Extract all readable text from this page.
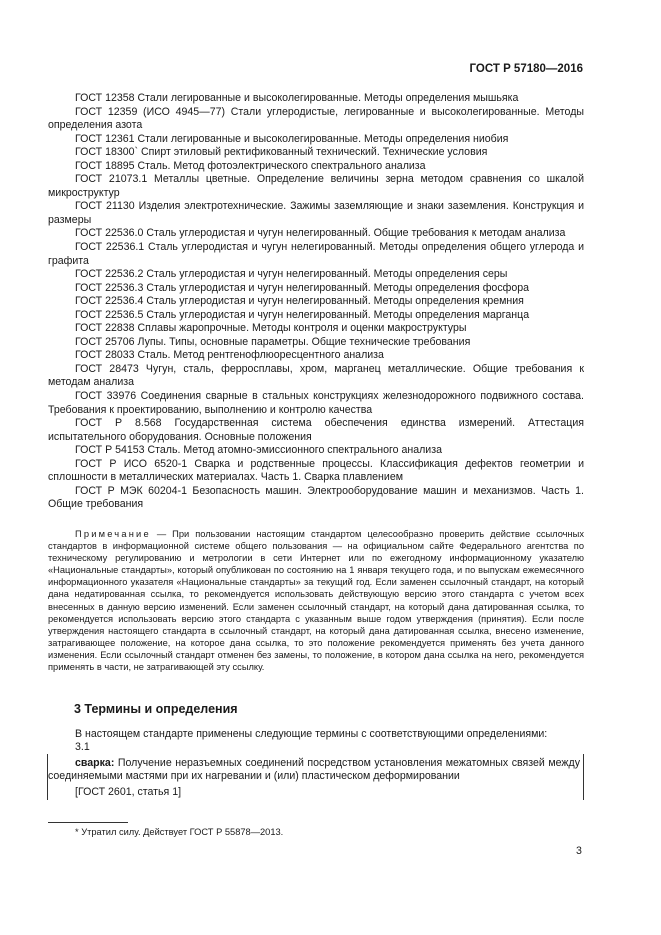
ГОСТ Р 57180—2016

ГОСТ 12358 Стали легированные и высоколегированные. Методы определения мышьяка

ГОСТ 12359 (ИСО 4945—77) Стали углеродистые, легированные и высоколегированные. Методы определения азота

ГОСТ 12361 Стали легированные и высоколегированные. Методы определения ниобия

ГОСТ 18300` Спирт этиловый ректификованный технический. Технические условия

ГОСТ 18895 Сталь. Метод фотоэлектрического спектрального анализа

ГОСТ 21073.1 Металлы цветные. Определение величины зерна методом сравнения со шкалой микроструктур

ГОСТ 21130 Изделия электротехнические. Зажимы заземляющие и знаки заземления. Конструкция и размеры

ГОСТ 22536.0 Сталь углеродистая и чугун нелегированный. Общие требования к методам анализа

ГОСТ 22536.1 Сталь углеродистая и чугун нелегированный. Методы определения общего углерода и графита

ГОСТ 22536.2 Сталь углеродистая и чугун нелегированный. Методы определения серы

ГОСТ 22536.3 Сталь углеродистая и чугун нелегированный. Методы определения фосфора

ГОСТ 22536.4 Сталь углеродистая и чугун нелегированный. Методы определения кремния

ГОСТ 22536.5 Сталь углеродистая и чугун нелегированный. Методы определения марганца

ГОСТ 22838 Сплавы жаропрочные. Методы контроля и оценки макроструктуры

ГОСТ 25706 Лупы. Типы, основные параметры. Общие технические требования

ГОСТ 28033 Сталь. Метод рентгенофлюоресцентного анализа

ГОСТ 28473 Чугун, сталь, ферросплавы, хром, марганец металлические. Общие требования к методам анализа

ГОСТ 33976 Соединения сварные в стальных конструкциях железнодорожного подвижного состава. Требования к проектированию, выполнению и контролю качества

ГОСТ Р 8.568 Государственная система обеспечения единства измерений. Аттестация испытательного оборудования. Основные положения

ГОСТ Р 54153 Сталь. Метод атомно-эмиссионного спектрального анализа

ГОСТ Р ИСО 6520-1 Сварка и родственные процессы. Классификация дефектов геометрии и сплошности в металлических материалах. Часть 1. Сварка плавлением

ГОСТ Р МЭК 60204-1 Безопасность машин. Электрооборудование машин и механизмов. Часть 1. Общие требования

Примечание — При пользовании настоящим стандартом целесообразно проверить действие ссылочных стандартов в информационной системе общего пользования — на официальном сайте Федерального агентства по техническому регулированию и метрологии в сети Интернет или по ежегодному информационному указателю «Национальные стандарты», который опубликован по состоянию на 1 января текущего года, и по выпускам ежемесячного информационного указателя «Национальные стандарты» за текущий год. Если заменен ссылочный стандарт, на который дана недатированная ссылка, то рекомендуется использовать действующую версию этого стандарта с учетом всех внесенных в данную версию изменений. Если заменен ссылочный стандарт, на который дана датированная ссылка, то рекомендуется использовать версию этого стандарта с указанным выше годом утверждения (принятия). Если после утверждения настоящего стандарта в ссылочный стандарт, на который дана датированная ссылка, внесено изменение, затрагивающее положение, на которое дана ссылка, то это положение рекомендуется применять без учета данного изменения. Если ссылочный стандарт отменен без замены, то положение, в котором дана ссылка на него, рекомендуется применять в части, не затрагивающей эту ссылку.

3 Термины и определения

В настоящем стандарте применены следующие термины с соответствующими определениями:

3.1

сварка: Получение неразъемных соединений посредством установления межатомных связей между соединяемыми мастями при их нагревании и (или) пластическом деформировании

[ГОСТ 2601, статья 1]
* Утратил силу. Действует ГОСТ Р 55878—2013.
3
